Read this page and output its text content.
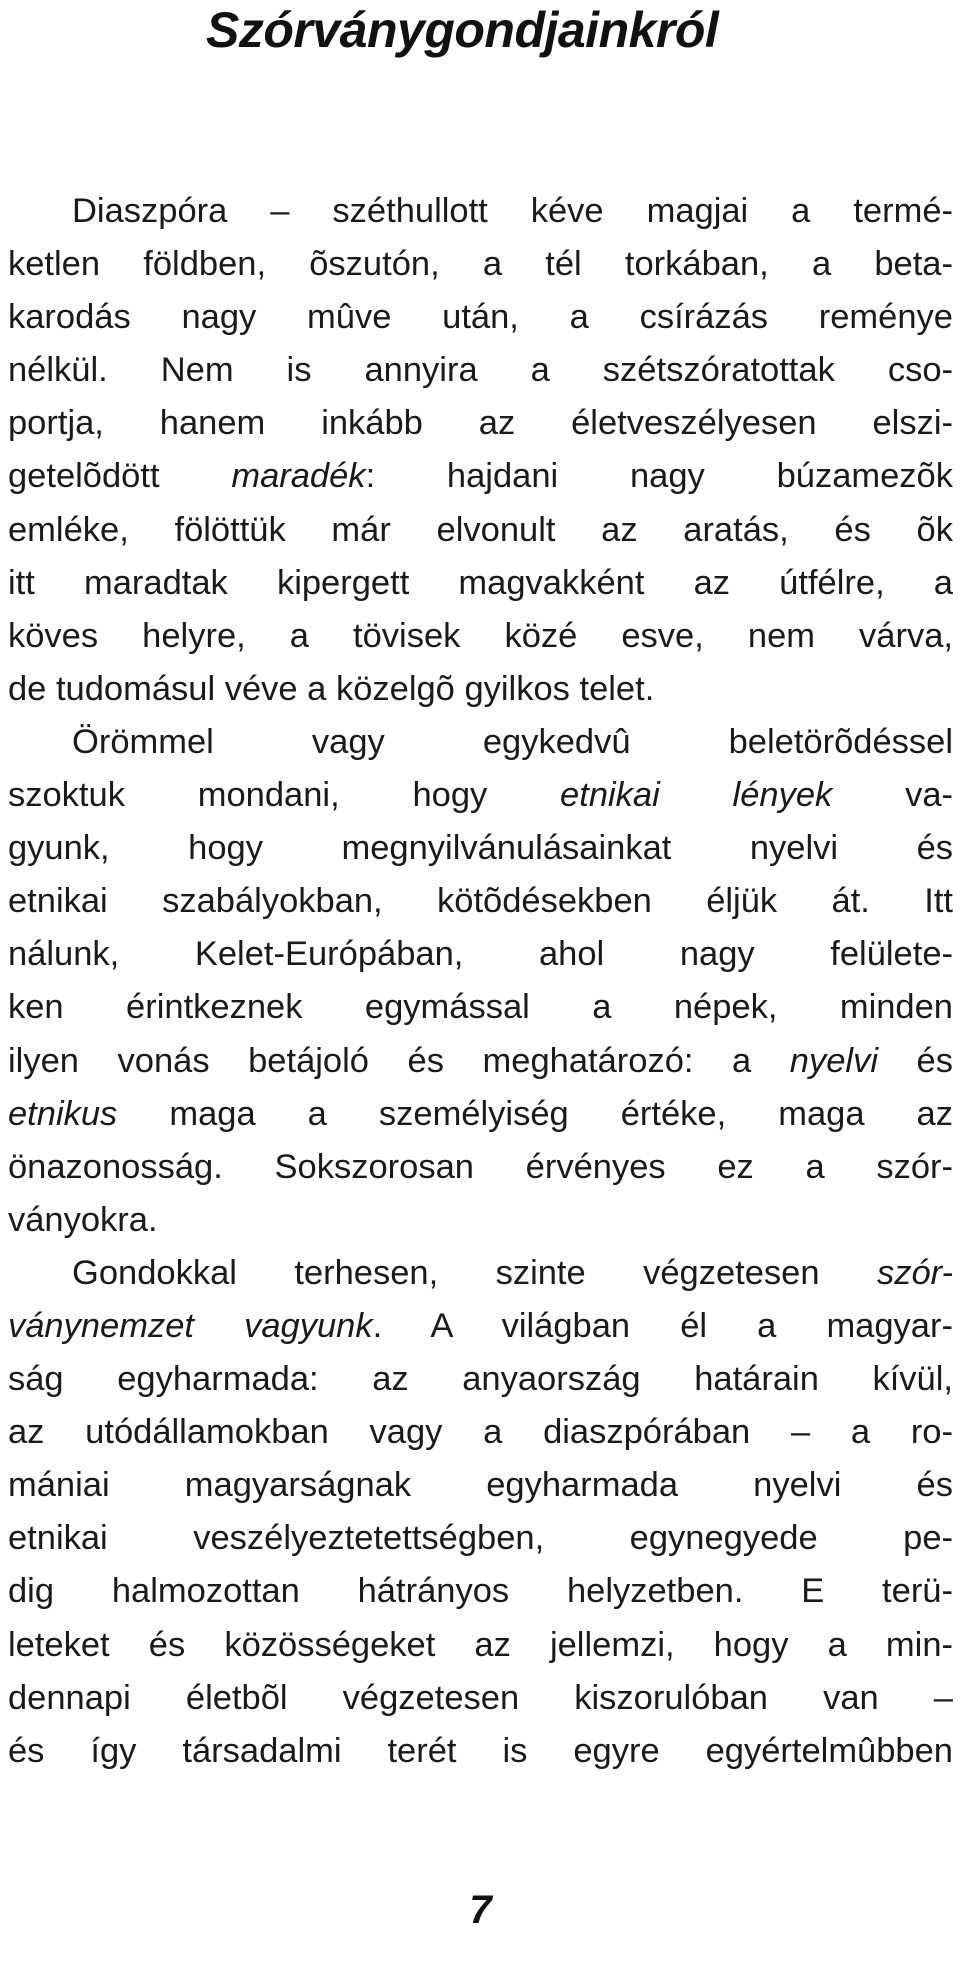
Szórványgondjainkról
Diaszpóra – széthullott kéve magjai a termé-
ketlen földben, õszutón, a tél torkában, a beta-
karodás nagy mûve után, a csírázás reménye
nélkül. Nem is annyira a szétszóratottak cso-
portja, hanem inkább az életveszélyesen elszi-
getelõdött maradék: hajdani nagy búzamezõk
emléke, fölöttük már elvonult az aratás, és õk
itt maradtak kipergett magvakként az útfélre, a
köves helyre, a tövisek közé esve, nem várva,
de tudomásul véve a közelgõ gyilkos telet.
Örömmel vagy egykedvû beletörõdéssel
szoktuk mondani, hogy etnikai lények va-
gyunk, hogy megnyilvánulásainkat nyelvi és
etnikai szabályokban, kötõdésekben éljük át. Itt
nálunk, Kelet-Európában, ahol nagy felülete-
ken érintkeznek egymással a népek, minden
ilyen vonás betájoló és meghatározó: a nyelvi és
etnikus maga a személyiség értéke, maga az
önazonosság. Sokszorosan érvényes ez a szór-
ványokra.
Gondokkal terhesen, szinte végzetesen szór-
ványnemzet vagyunk. A világban él a magyar-
ság egyharmada: az anyaország határain kívül,
az utódállamokban vagy a diaszpórában – a ro-
mániai magyarságnak egyharmada nyelvi és
etnikai veszélyeztetettségben, egynegyede pe-
dig halmozottan hátrányos helyzetben. E terü-
leteket és közösségeket az jellemzi, hogy a min-
dennapi életbõl végzetesen kiszorulóban van –
és így társadalmi terét is egyre egyértelmûbben
7
